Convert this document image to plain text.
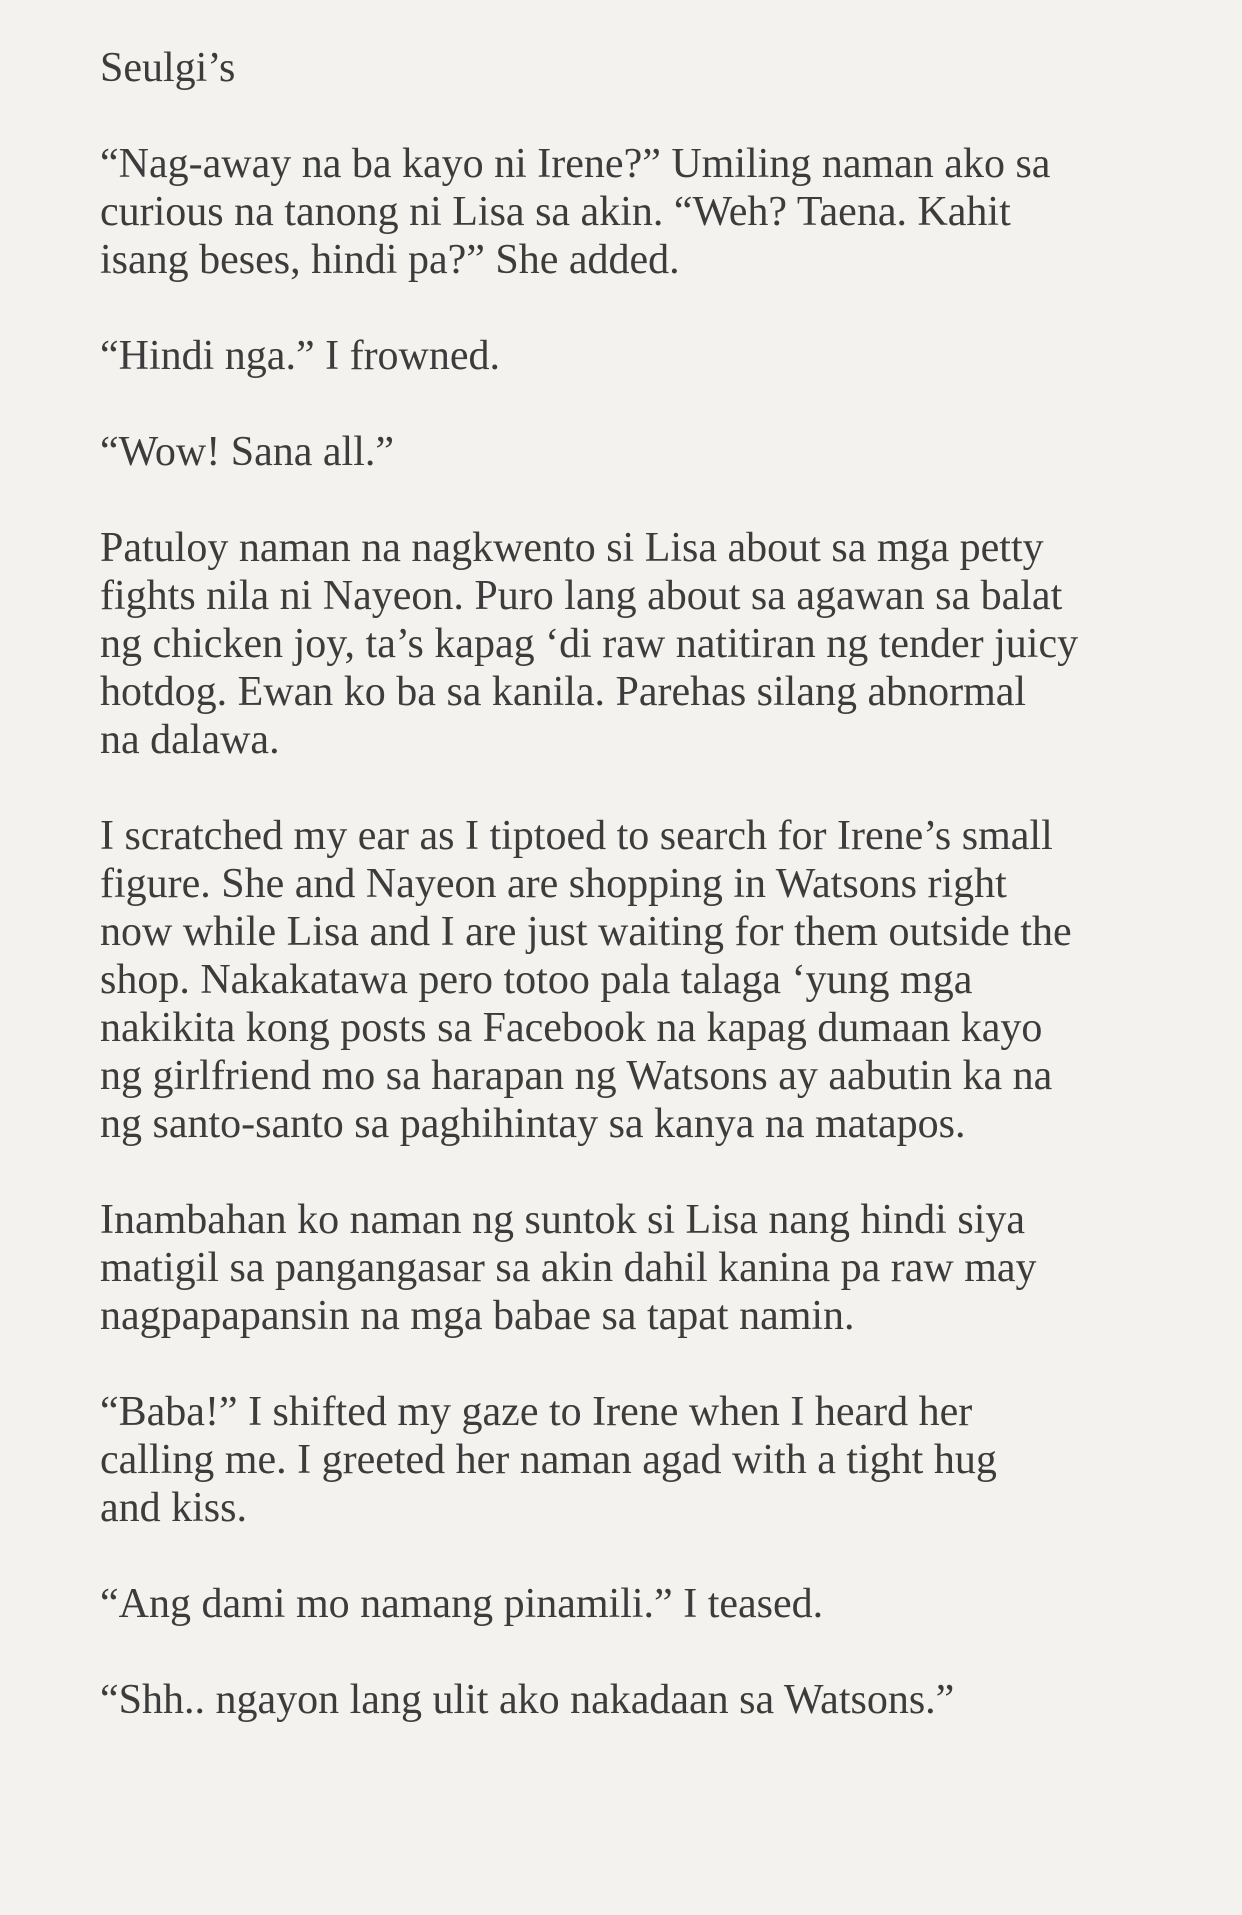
Seulgi’s

“Nag-away na ba kayo ni Irene?” Umiling naman ako sa
curious na tanong ni Lisa sa akin. “Weh? Taena. Kahit
isang beses, hindi pa?” She added.

“Hindi nga.” I frowned.

“Wow! Sana all.”

Patuloy naman na nagkwento si Lisa about sa mga petty
fights nila ni Nayeon. Puro lang about sa agawan sa balat
ng chicken joy, ta’s kapag ‘di raw natitiran ng tender juicy
hotdog. Ewan ko ba sa kanila. Parehas silang abnormal
na dalawa.

I scratched my ear as I tiptoed to search for Irene’s small
figure. She and Nayeon are shopping in Watsons right
now while Lisa and I are just waiting for them outside the
shop. Nakakatawa pero totoo pala talaga ‘yung mga
nakikita kong posts sa Facebook na kapag dumaan kayo
ng girlfriend mo sa harapan ng Watsons ay aabutin ka na
ng santo-santo sa paghihintay sa kanya na matapos.

Inambahan ko naman ng suntok si Lisa nang hindi siya
matigil sa pangangasar sa akin dahil kanina pa raw may
nagpapapansin na mga babae sa tapat namin.

“Baba!” I shifted my gaze to Irene when I heard her
calling me. I greeted her naman agad with a tight hug
and kiss.

“Ang dami mo namang pinamili.” I teased.

“Shh.. ngayon lang ulit ako nakadaan sa Watsons.”
